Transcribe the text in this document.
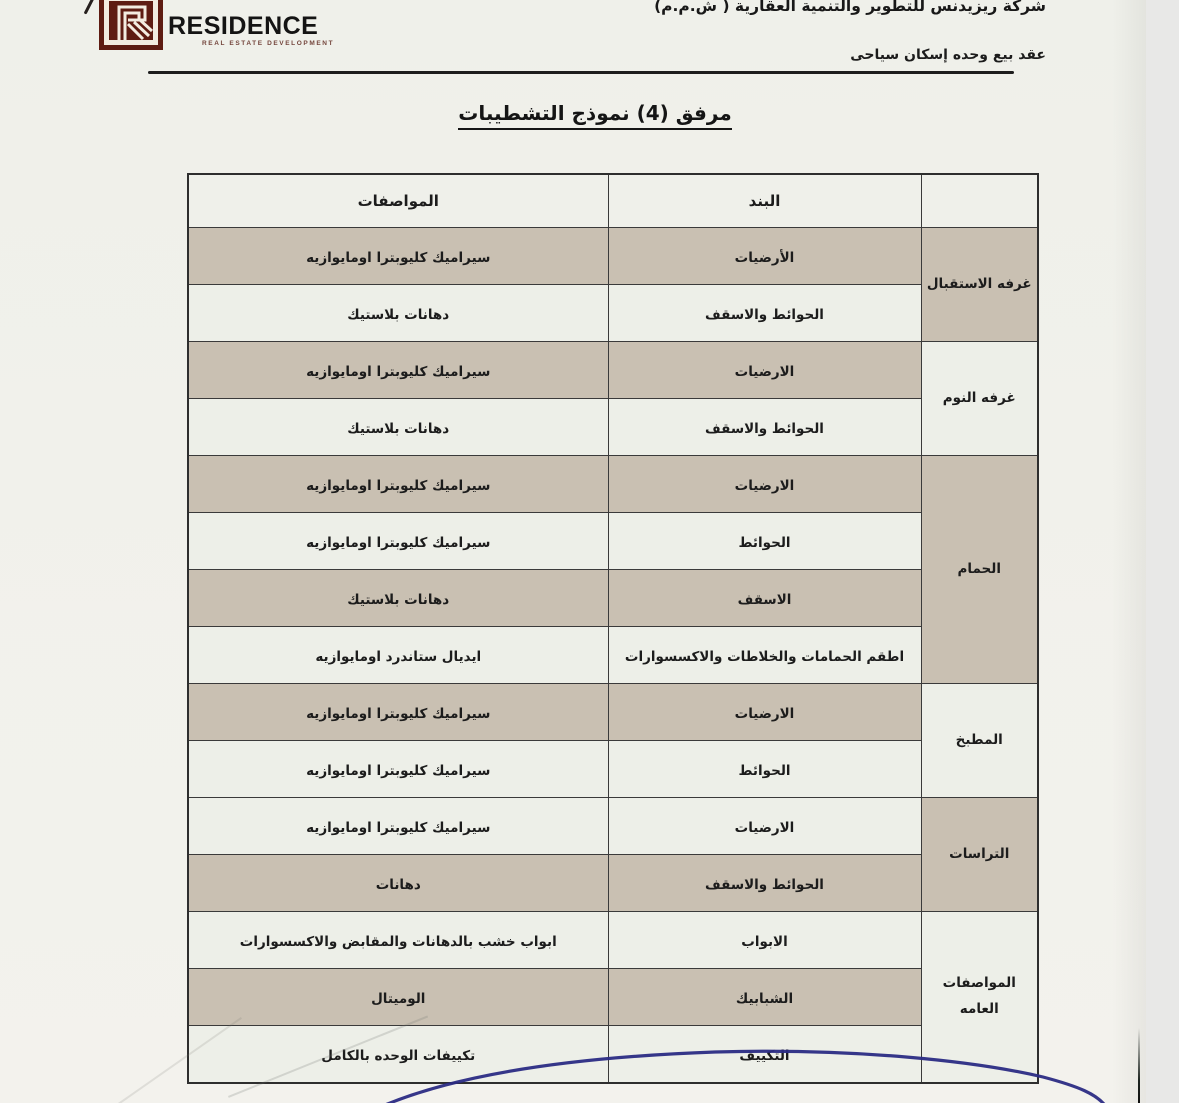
RESIDENCE
REAL ESTATE DEVELOPMENT
شركة ريزيدنس للتطوير والتنمية العقارية ( ش.م.م)
عقد بيع وحده إسكان سياحى
مرفق (4) نموذج التشطيبات
	البند	المواصفات
غرفه الاستقبال	الأرضيات	سيراميك كليوبترا اومايوازيه
	الحوائط والاسقف	دهانات بلاستيك
غرفه النوم	الارضيات	سيراميك كليوبترا اومايوازيه
	الحوائط والاسقف	دهانات بلاستيك
الحمام	الارضيات	سيراميك كليوبترا اومايوازيه
	الحوائط	سيراميك كليوبترا اومايوازيه
	الاسقف	دهانات بلاستيك
	اطقم الحمامات والخلاطات والاكسسوارات	ايديال ستاندرد اومايوازيه
المطبخ	الارضيات	سيراميك كليوبترا اومايوازيه
	الحوائط	سيراميك كليوبترا اومايوازيه
التراسات	الارضيات	سيراميك كليوبترا اومايوازيه
	الحوائط والاسقف	دهانات
المواصفات العامه	الابواب	ابواب خشب بالدهانات والمقابض والاكسسوارات
	الشبابيك	الوميتال
	التكييف	تكييفات الوحده بالكامل
